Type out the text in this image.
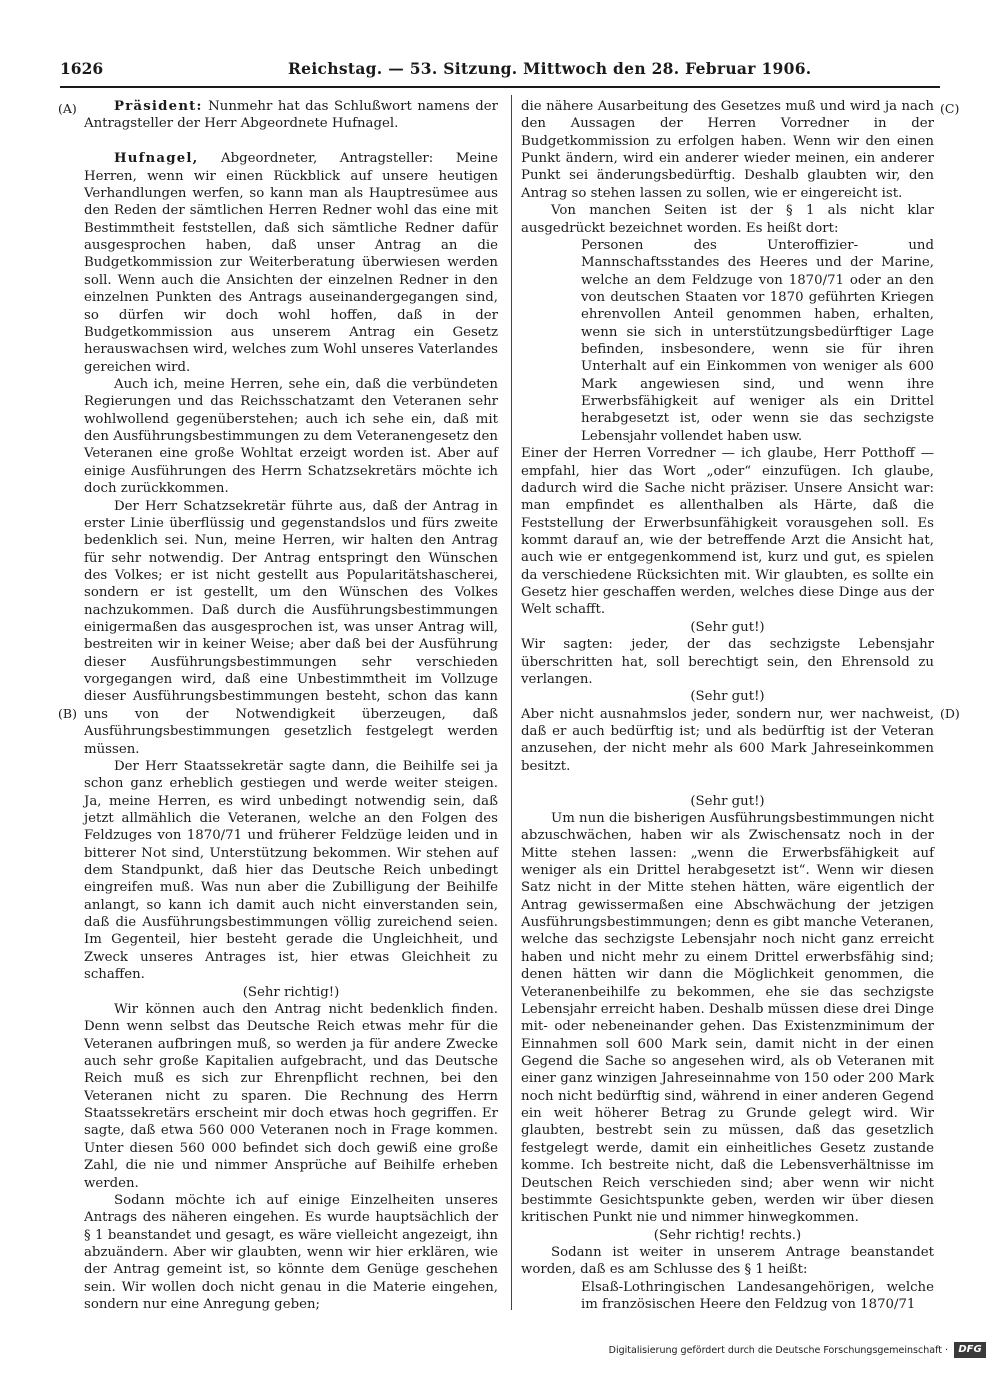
1626	Reichstag. — 53. Sitzung. Mittwoch den 28. Februar 1906.
(A)
(B)
(C)
(D)

Präsident: Nunmehr hat das Schlußwort namens der Antragsteller der Herr Abgeordnete Hufnagel.

Hufnagel, Abgeordneter, Antragsteller: Meine Herren, wenn wir einen Rückblick auf unsere heutigen Verhandlungen werfen, so kann man als Hauptresümee aus den Reden der sämtlichen Herren Redner wohl das eine mit Bestimmtheit feststellen, daß sich sämtliche Redner dafür ausgesprochen haben, daß unser Antrag an die Budgetkommission zur Weiterberatung überwiesen werden soll. Wenn auch die Ansichten der einzelnen Redner in den einzelnen Punkten des Antrags auseinandergegangen sind, so dürfen wir doch wohl hoffen, daß in der Budgetkommission aus unserem Antrag ein Gesetz herauswachsen wird, welches zum Wohl unseres Vaterlandes gereichen wird.

Auch ich, meine Herren, sehe ein, daß die verbündeten Regierungen und das Reichsschatzamt den Veteranen sehr wohlwollend gegenüberstehen; auch ich sehe ein, daß mit den Ausführungsbestimmungen zu dem Veteranengesetz den Veteranen eine große Wohltat erzeigt worden ist. Aber auf einige Ausführungen des Herrn Schatzsekretärs möchte ich doch zurückkommen.

Der Herr Schatzsekretär führte aus, daß der Antrag in erster Linie überflüssig und gegenstandslos und fürs zweite bedenklich sei. Nun, meine Herren, wir halten den Antrag für sehr notwendig. Der Antrag entspringt den Wünschen des Volkes; er ist nicht gestellt aus Popularitätshascherei, sondern er ist gestellt, um den Wünschen des Volkes nachzukommen. Daß durch die Ausführungsbestimmungen einigermaßen das ausgesprochen ist, was unser Antrag will, bestreiten wir in keiner Weise; aber daß bei der Ausführung dieser Ausführungsbestimmungen sehr verschieden vorgegangen wird, daß eine Unbestimmtheit im Vollzuge dieser Ausführungsbestimmungen besteht, schon das kann uns von der Notwendigkeit überzeugen, daß Ausführungsbestimmungen gesetzlich festgelegt werden müssen.

Der Herr Staatssekretär sagte dann, die Beihilfe sei ja schon ganz erheblich gestiegen und werde weiter steigen. Ja, meine Herren, es wird unbedingt notwendig sein, daß jetzt allmählich die Veteranen, welche an den Folgen des Feldzuges von 1870/71 und früherer Feldzüge leiden und in bitterer Not sind, Unterstützung bekommen. Wir stehen auf dem Standpunkt, daß hier das Deutsche Reich unbedingt eingreifen muß. Was nun aber die Zubilligung der Beihilfe anlangt, so kann ich damit auch nicht einverstanden sein, daß die Ausführungsbestimmungen völlig zureichend seien. Im Gegenteil, hier besteht gerade die Ungleichheit, und Zweck unseres Antrages ist, hier etwas Gleichheit zu schaffen.

(Sehr richtig!)

Wir können auch den Antrag nicht bedenklich finden. Denn wenn selbst das Deutsche Reich etwas mehr für die Veteranen aufbringen muß, so werden ja für andere Zwecke auch sehr große Kapitalien aufgebracht, und das Deutsche Reich muß es sich zur Ehrenpflicht rechnen, bei den Veteranen nicht zu sparen. Die Rechnung des Herrn Staatssekretärs erscheint mir doch etwas hoch gegriffen. Er sagte, daß etwa 560 000 Veteranen noch in Frage kommen. Unter diesen 560 000 befindet sich doch gewiß eine große Zahl, die nie und nimmer Ansprüche auf Beihilfe erheben werden.

Sodann möchte ich auf einige Einzelheiten unseres Antrags des näheren eingehen. Es wurde hauptsächlich der § 1 beanstandet und gesagt, es wäre vielleicht angezeigt, ihn abzuändern. Aber wir glaubten, wenn wir hier erklären, wie der Antrag gemeint ist, so könnte dem Genüge geschehen sein. Wir wollen doch nicht genau in die Materie eingehen, sondern nur eine Anregung geben;

die nähere Ausarbeitung des Gesetzes muß und wird ja nach den Aussagen der Herren Vorredner in der Budgetkommission zu erfolgen haben. Wenn wir den einen Punkt ändern, wird ein anderer wieder meinen, ein anderer Punkt sei änderungsbedürftig. Deshalb glaubten wir, den Antrag so stehen lassen zu sollen, wie er eingereicht ist.

Von manchen Seiten ist der § 1 als nicht klar ausgedrückt bezeichnet worden. Es heißt dort:

Personen des Unteroffizier- und Mannschaftsstandes des Heeres und der Marine, welche an dem Feldzuge von 1870/71 oder an den von deutschen Staaten vor 1870 geführten Kriegen ehrenvollen Anteil genommen haben, erhalten, wenn sie sich in unterstützungsbedürftiger Lage befinden, insbesondere, wenn sie für ihren Unterhalt auf ein Einkommen von weniger als 600 Mark angewiesen sind, und wenn ihre Erwerbsfähigkeit auf weniger als ein Drittel herabgesetzt ist, oder wenn sie das sechzigste Lebensjahr vollendet haben usw.

Einer der Herren Vorredner — ich glaube, Herr Potthoff — empfahl, hier das Wort „oder“ einzufügen. Ich glaube, dadurch wird die Sache nicht präziser. Unsere Ansicht war: man empfindet es allenthalben als Härte, daß die Feststellung der Erwerbsunfähigkeit vorausgehen soll. Es kommt darauf an, wie der betreffende Arzt die Ansicht hat, auch wie er entgegenkommend ist, kurz und gut, es spielen da verschiedene Rücksichten mit. Wir glaubten, es sollte ein Gesetz hier geschaffen werden, welches diese Dinge aus der Welt schafft.

(Sehr gut!)

Wir sagten: jeder, der das sechzigste Lebensjahr überschritten hat, soll berechtigt sein, den Ehrensold zu verlangen.

(Sehr gut!)

Aber nicht ausnahmslos jeder, sondern nur, wer nachweist, daß er auch bedürftig ist; und als bedürftig ist der Veteran anzusehen, der nicht mehr als 600 Mark Jahreseinkommen besitzt.

(Sehr gut!)

Um nun die bisherigen Ausführungsbestimmungen nicht abzuschwächen, haben wir als Zwischensatz noch in der Mitte stehen lassen: „wenn die Erwerbsfähigkeit auf weniger als ein Drittel herabgesetzt ist“. Wenn wir diesen Satz nicht in der Mitte stehen hätten, wäre eigentlich der Antrag gewissermaßen eine Abschwächung der jetzigen Ausführungsbestimmungen; denn es gibt manche Veteranen, welche das sechzigste Lebensjahr noch nicht ganz erreicht haben und nicht mehr zu einem Drittel erwerbsfähig sind; denen hätten wir dann die Möglichkeit genommen, die Veteranenbeihilfe zu bekommen, ehe sie das sechzigste Lebensjahr erreicht haben. Deshalb müssen diese drei Dinge mit- oder nebeneinander gehen. Das Existenzminimum der Einnahmen soll 600 Mark sein, damit nicht in der einen Gegend die Sache so angesehen wird, als ob Veteranen mit einer ganz winzigen Jahreseinnahme von 150 oder 200 Mark noch nicht bedürftig sind, während in einer anderen Gegend ein weit höherer Betrag zu Grunde gelegt wird. Wir glaubten, bestrebt sein zu müssen, daß das gesetzlich festgelegt werde, damit ein einheitliches Gesetz zustande komme. Ich bestreite nicht, daß die Lebensverhältnisse im Deutschen Reich verschieden sind; aber wenn wir nicht bestimmte Gesichtspunkte geben, werden wir über diesen kritischen Punkt nie und nimmer hinwegkommen.

(Sehr richtig! rechts.)

Sodann ist weiter in unserem Antrage beanstandet worden, daß es am Schlusse des § 1 heißt:

Elsaß-Lothringischen Landesangehörigen, welche im französischen Heere den Feldzug von 1870/71

Digitalisierung gefördert durch die Deutsche Forschungsgemeinschaft ·	DFG
